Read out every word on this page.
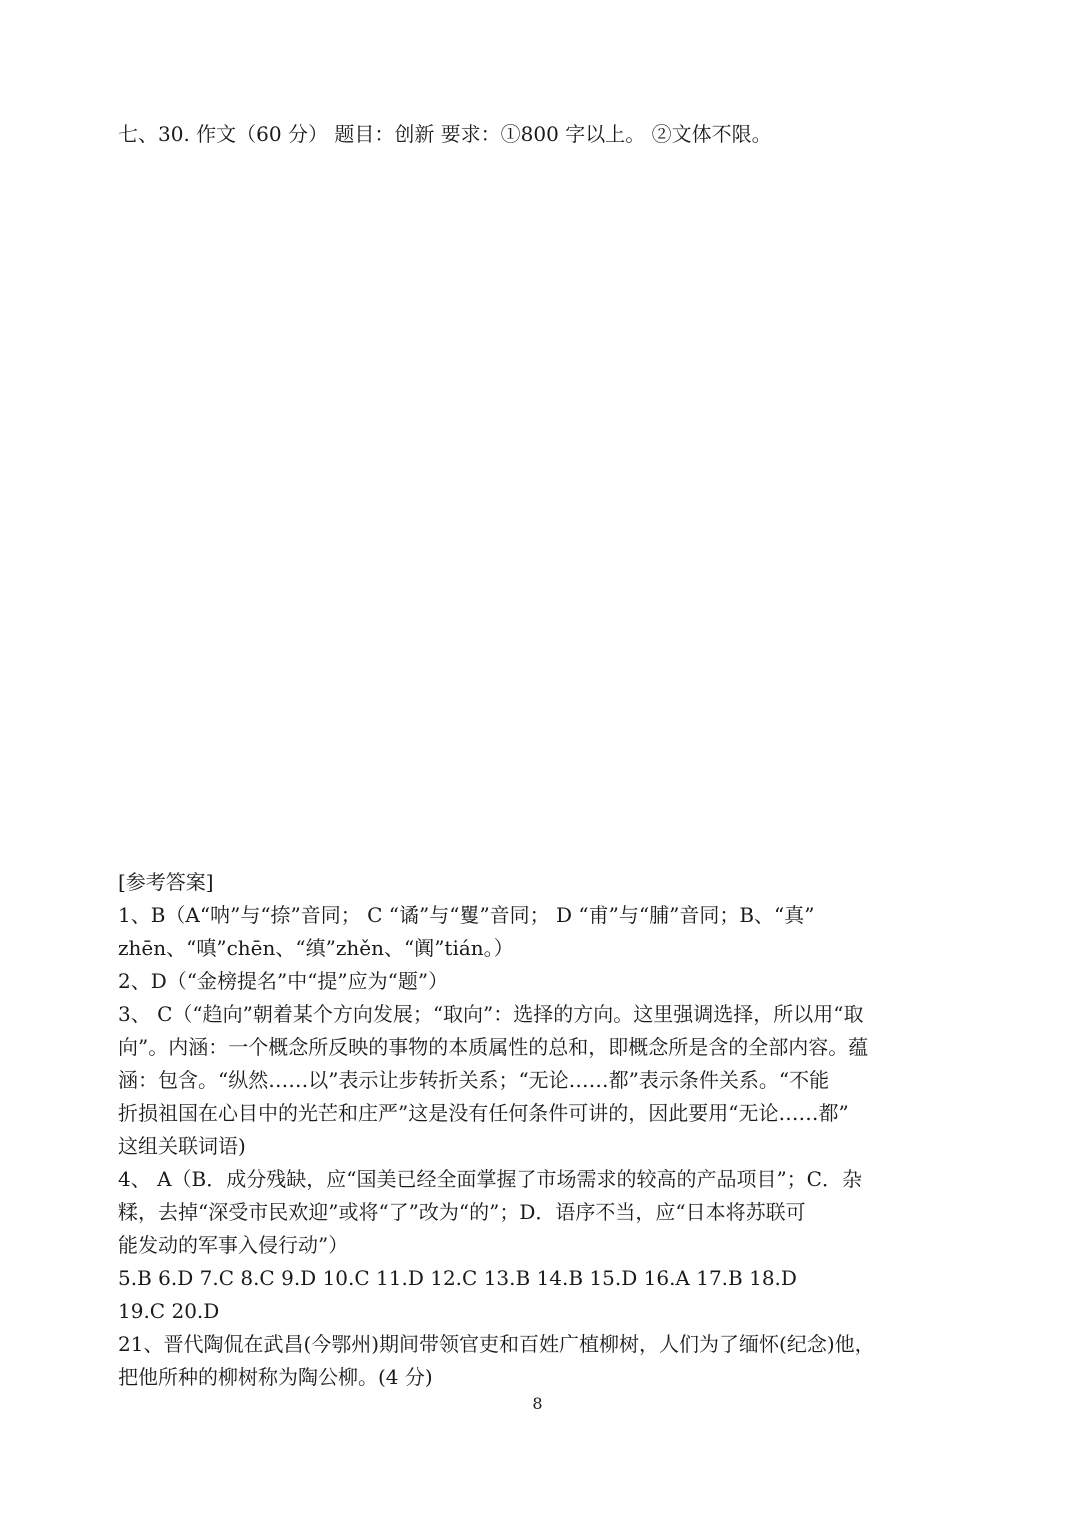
七、30. 作文（60 分） 题目：创新 要求：①800 字以上。 ②文体不限。
[参考答案]
1、B（A“呐”与“捺”音同； C “谲”与“矍”音同； D “甫”与“脯”音同；B、“真”
zhēn、“嗔”chēn、“缜”zhěn、“阗”tián。）
2、D（“金榜提名”中“提”应为“题”）
3、 C（“趋向”朝着某个方向发展；“取向”：选择的方向。这里强调选择，所以用“取
向”。内涵：一个概念所反映的事物的本质属性的总和，即概念所是含的全部内容。蕴
涵：包含。“纵然……以”表示让步转折关系；“无论……都”表示条件关系。“不能
折损祖国在心目中的光芒和庄严”这是没有任何条件可讲的，因此要用“无论……都”
这组关联词语)
4、 A（B．成分残缺，应“国美已经全面掌握了市场需求的较高的产品项目”；C．杂
糅，去掉“深受市民欢迎”或将“了”改为“的”；D．语序不当，应“日本将苏联可
能发动的军事入侵行动”）
5.B 6.D 7.C 8.C 9.D 10.C 11.D 12.C 13.B 14.B 15.D 16.A 17.B 18.D
19.C 20.D
21、晋代陶侃在武昌(今鄂州)期间带领官吏和百姓广植柳树，人们为了缅怀(纪念)他，
把他所种的柳树称为陶公柳。(4 分)
8
